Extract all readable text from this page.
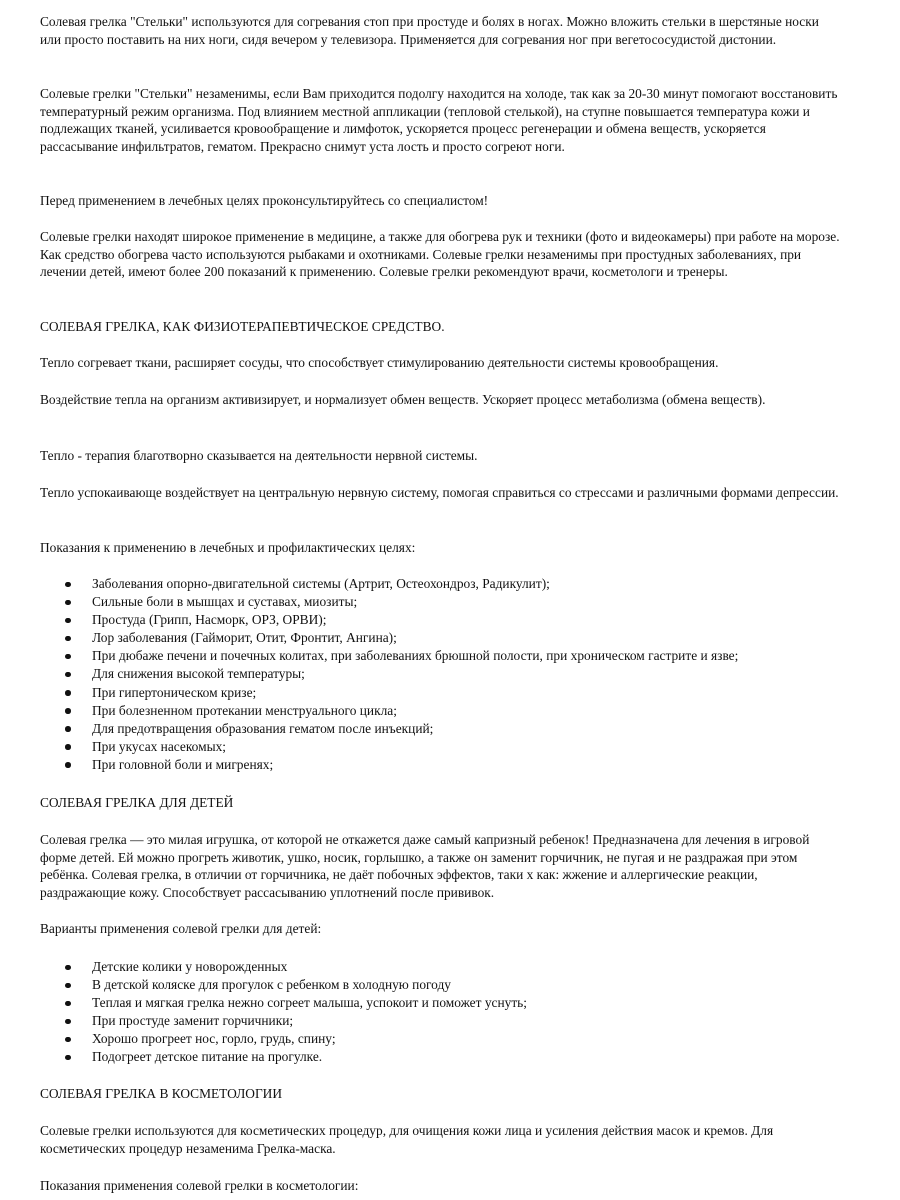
Солевая грелка "Стельки" используются для согревания стоп при простуде и болях в ногах. Можно вложить стельки в шерстяные носки или просто поставить на них ноги, сидя вечером у телевизора. Применяется для согревания ног при вегетососудистой дистонии.

Солевые грелки "Стельки" незаменимы, если Вам приходится подолгу находится на холоде, так как за 20-30 минут помогают восстановить температурный режим организма. Под влиянием местной аппликации (тепловой стелькой), на ступне повышается температура кожи и подлежащих тканей, усиливается кровообращение и лимфоток, ускоряется процесс регенерации и обмена веществ, ускоряется рассасывание инфильтратов, гематом. Прекрасно снимут уста лость и просто согреют ноги.

Перед применением в лечебных целях проконсультируйтесь со специалистом!

Солевые грелки находят широкое применение в медицине, а также для обогрева рук и техники (фото и видеокамеры) при работе на морозе. Как средство обогрева часто используются рыбаками и охотниками. Солевые грелки незаменимы при простудных заболеваниях, при лечении детей, имеют более 200 показаний к применению. Солевые грелки рекомендуют врачи, косметологи и тренеры.

СОЛЕВАЯ ГРЕЛКА, КАК ФИЗИОТЕРАПЕВТИЧЕСКОЕ СРЕДСТВО.

Тепло согревает ткани, расширяет сосуды, что способствует стимулированию деятельности системы кровообращения.

Воздействие тепла на организм активизирует, и нормализует обмен веществ. Ускоряет процесс метаболизма (обмена веществ).

Тепло - терапия благотворно сказывается на деятельности нервной системы.

Тепло успокаивающе воздействует на центральную нервную систему, помогая справиться со стрессами и различными формами депрессии.

Показания к применению в лечебных и профилактических целях:

Заболевания опорно-двигательной системы (Артрит, Остеохондроз, Радикулит);
Сильные боли в мышцах и суставах, миозиты;
Простуда (Грипп, Насморк, ОРЗ, ОРВИ);
Лор заболевания (Гайморит, Отит, Фронтит, Ангина);
При дюбаже печени и почечных колитах, при заболеваниях брюшной полости, при хроническом гастрите и язве;
Для снижения высокой температуры;
При гипертоническом кризе;
При болезненном протекании менструального цикла;
Для предотвращения образования гематом после инъекций;
При укусах насекомых;
При головной боли и мигренях;

СОЛЕВАЯ ГРЕЛКА ДЛЯ ДЕТЕЙ

Солевая грелка — это милая игрушка, от которой не откажется даже самый капризный ребенок! Предназначена для лечения в игровой форме детей. Ей можно прогреть животик, ушко, носик, горлышко, а также он заменит горчичник, не пугая и не раздражая при этом ребёнка. Солевая грелка, в отличии от горчичника, не даёт побочных эффектов, таки х как: жжение и аллергические реакции, раздражающие кожу. Способствует рассасыванию уплотнений после прививок.

Варианты применения солевой грелки для детей:

Детские колики у новорожденных
В детской коляске для прогулок с ребенком в холодную погоду
Теплая и мягкая грелка нежно согреет малыша, успокоит и поможет уснуть;
При простуде заменит горчичники;
Хорошо прогреет нос, горло, грудь, спину;
Подогреет детское питание на прогулке.

СОЛЕВАЯ ГРЕЛКА В КОСМЕТОЛОГИИ

Солевые грелки используются для косметических процедур, для очищения кожи лица и усиления действия масок и кремов. Для косметических процедур незаменима Грелка-маска.

Показания применения солевой грелки в косметологии:
